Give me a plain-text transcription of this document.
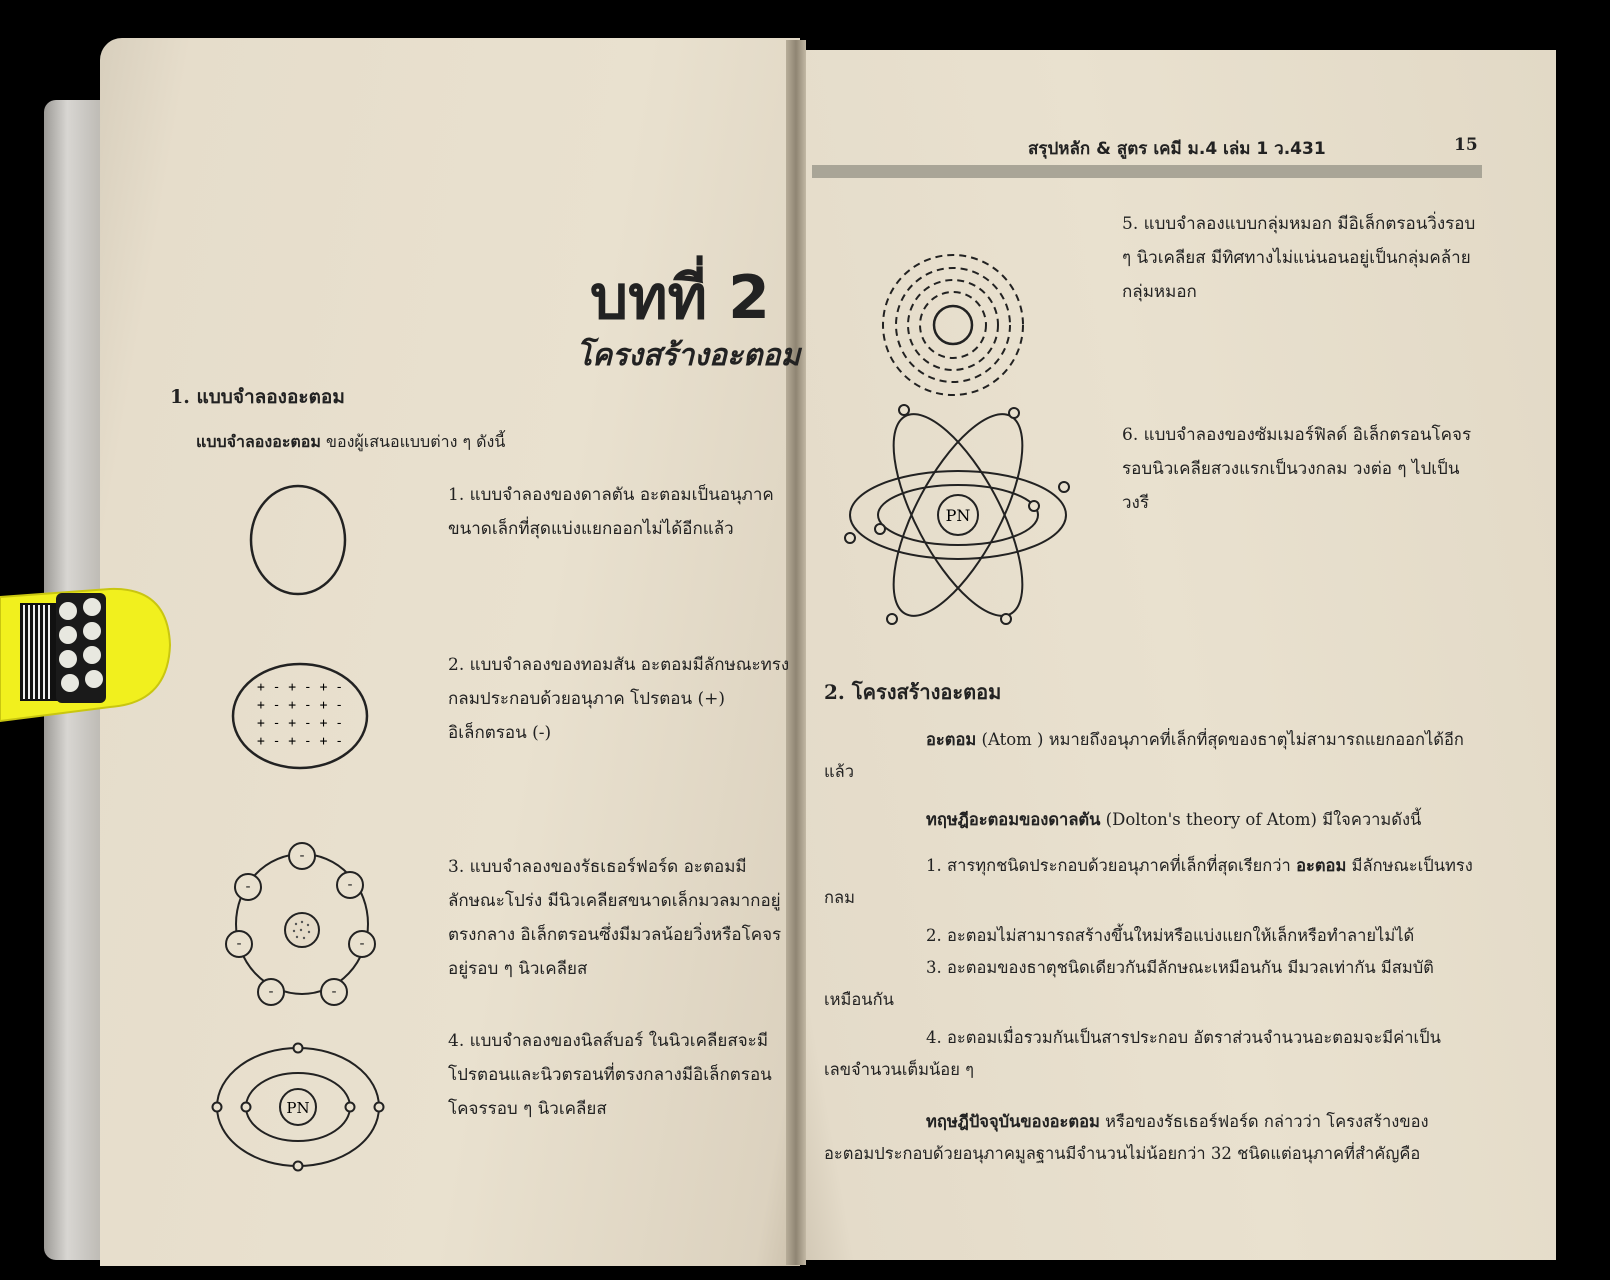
บทที่ 2
โครงสร้างอะตอม
1. แบบจำลองอะตอม
แบบจำลองอะตอม ของผู้เสนอแบบต่าง ๆ ดังนี้
1. แบบจำลองของดาลตัน อะตอมเป็นอนุภาคขนาดเล็กที่สุดแบ่งแยกออกไม่ได้อีกแล้ว
2. แบบจำลองของทอมสัน อะตอมมีลักษณะทรงกลมประกอบด้วยอนุภาค โปรตอน (+) อิเล็กตรอน (-)
3. แบบจำลองของรัธเธอร์ฟอร์ด อะตอมมีลักษณะโปร่ง มีนิวเคลียสขนาดเล็กมวลมากอยู่ตรงกลาง อิเล็กตรอนซึ่งมีมวลน้อยวิ่งหรือโคจรอยู่รอบ ๆ นิวเคลียส
4. แบบจำลองของนิลส์บอร์ ในนิวเคลียสจะมีโปรตอนและนิวตรอนที่ตรงกลางมีอิเล็กตรอนโคจรรอบ ๆ นิวเคลียส
+ - + - + -
+ - + - + -
+ - + - + -
+ - + - + -
-
-
-
-
-
-
-
PN
สรุปหลัก & สูตร เคมี ม.4 เล่ม 1 ว.431	15
5. แบบจำลองแบบกลุ่มหมอก มีอิเล็กตรอนวิ่งรอบ ๆ นิวเคลียส มีทิศทางไม่แน่นอนอยู่เป็นกลุ่มคล้ายกลุ่มหมอก
6. แบบจำลองของซัมเมอร์ฟิลด์ อิเล็กตรอนโคจรรอบนิวเคลียสวงแรกเป็นวงกลม วงต่อ ๆ ไปเป็นวงรี
PN
2. โครงสร้างอะตอม
อะตอม (Atom ) หมายถึงอนุภาคที่เล็กที่สุดของธาตุไม่สามารถแยกออกได้อีกแล้ว
ทฤษฎีอะตอมของดาลตัน (Dolton's theory of Atom) มีใจความดังนี้
1. สารทุกชนิดประกอบด้วยอนุภาคที่เล็กที่สุดเรียกว่า อะตอม มีลักษณะเป็นทรงกลม
2. อะตอมไม่สามารถสร้างขึ้นใหม่หรือแบ่งแยกให้เล็กหรือทำลายไม่ได้
3. อะตอมของธาตุชนิดเดียวกันมีลักษณะเหมือนกัน มีมวลเท่ากัน มีสมบัติเหมือนกัน
4. อะตอมเมื่อรวมกันเป็นสารประกอบ อัตราส่วนจำนวนอะตอมจะมีค่าเป็นเลขจำนวนเต็มน้อย ๆ
ทฤษฎีปัจจุบันของอะตอม หรือของรัธเธอร์ฟอร์ด กล่าวว่า โครงสร้างของอะตอมประกอบด้วยอนุภาคมูลฐานมีจำนวนไม่น้อยกว่า 32 ชนิดแต่อนุภาคที่สำคัญคือ
